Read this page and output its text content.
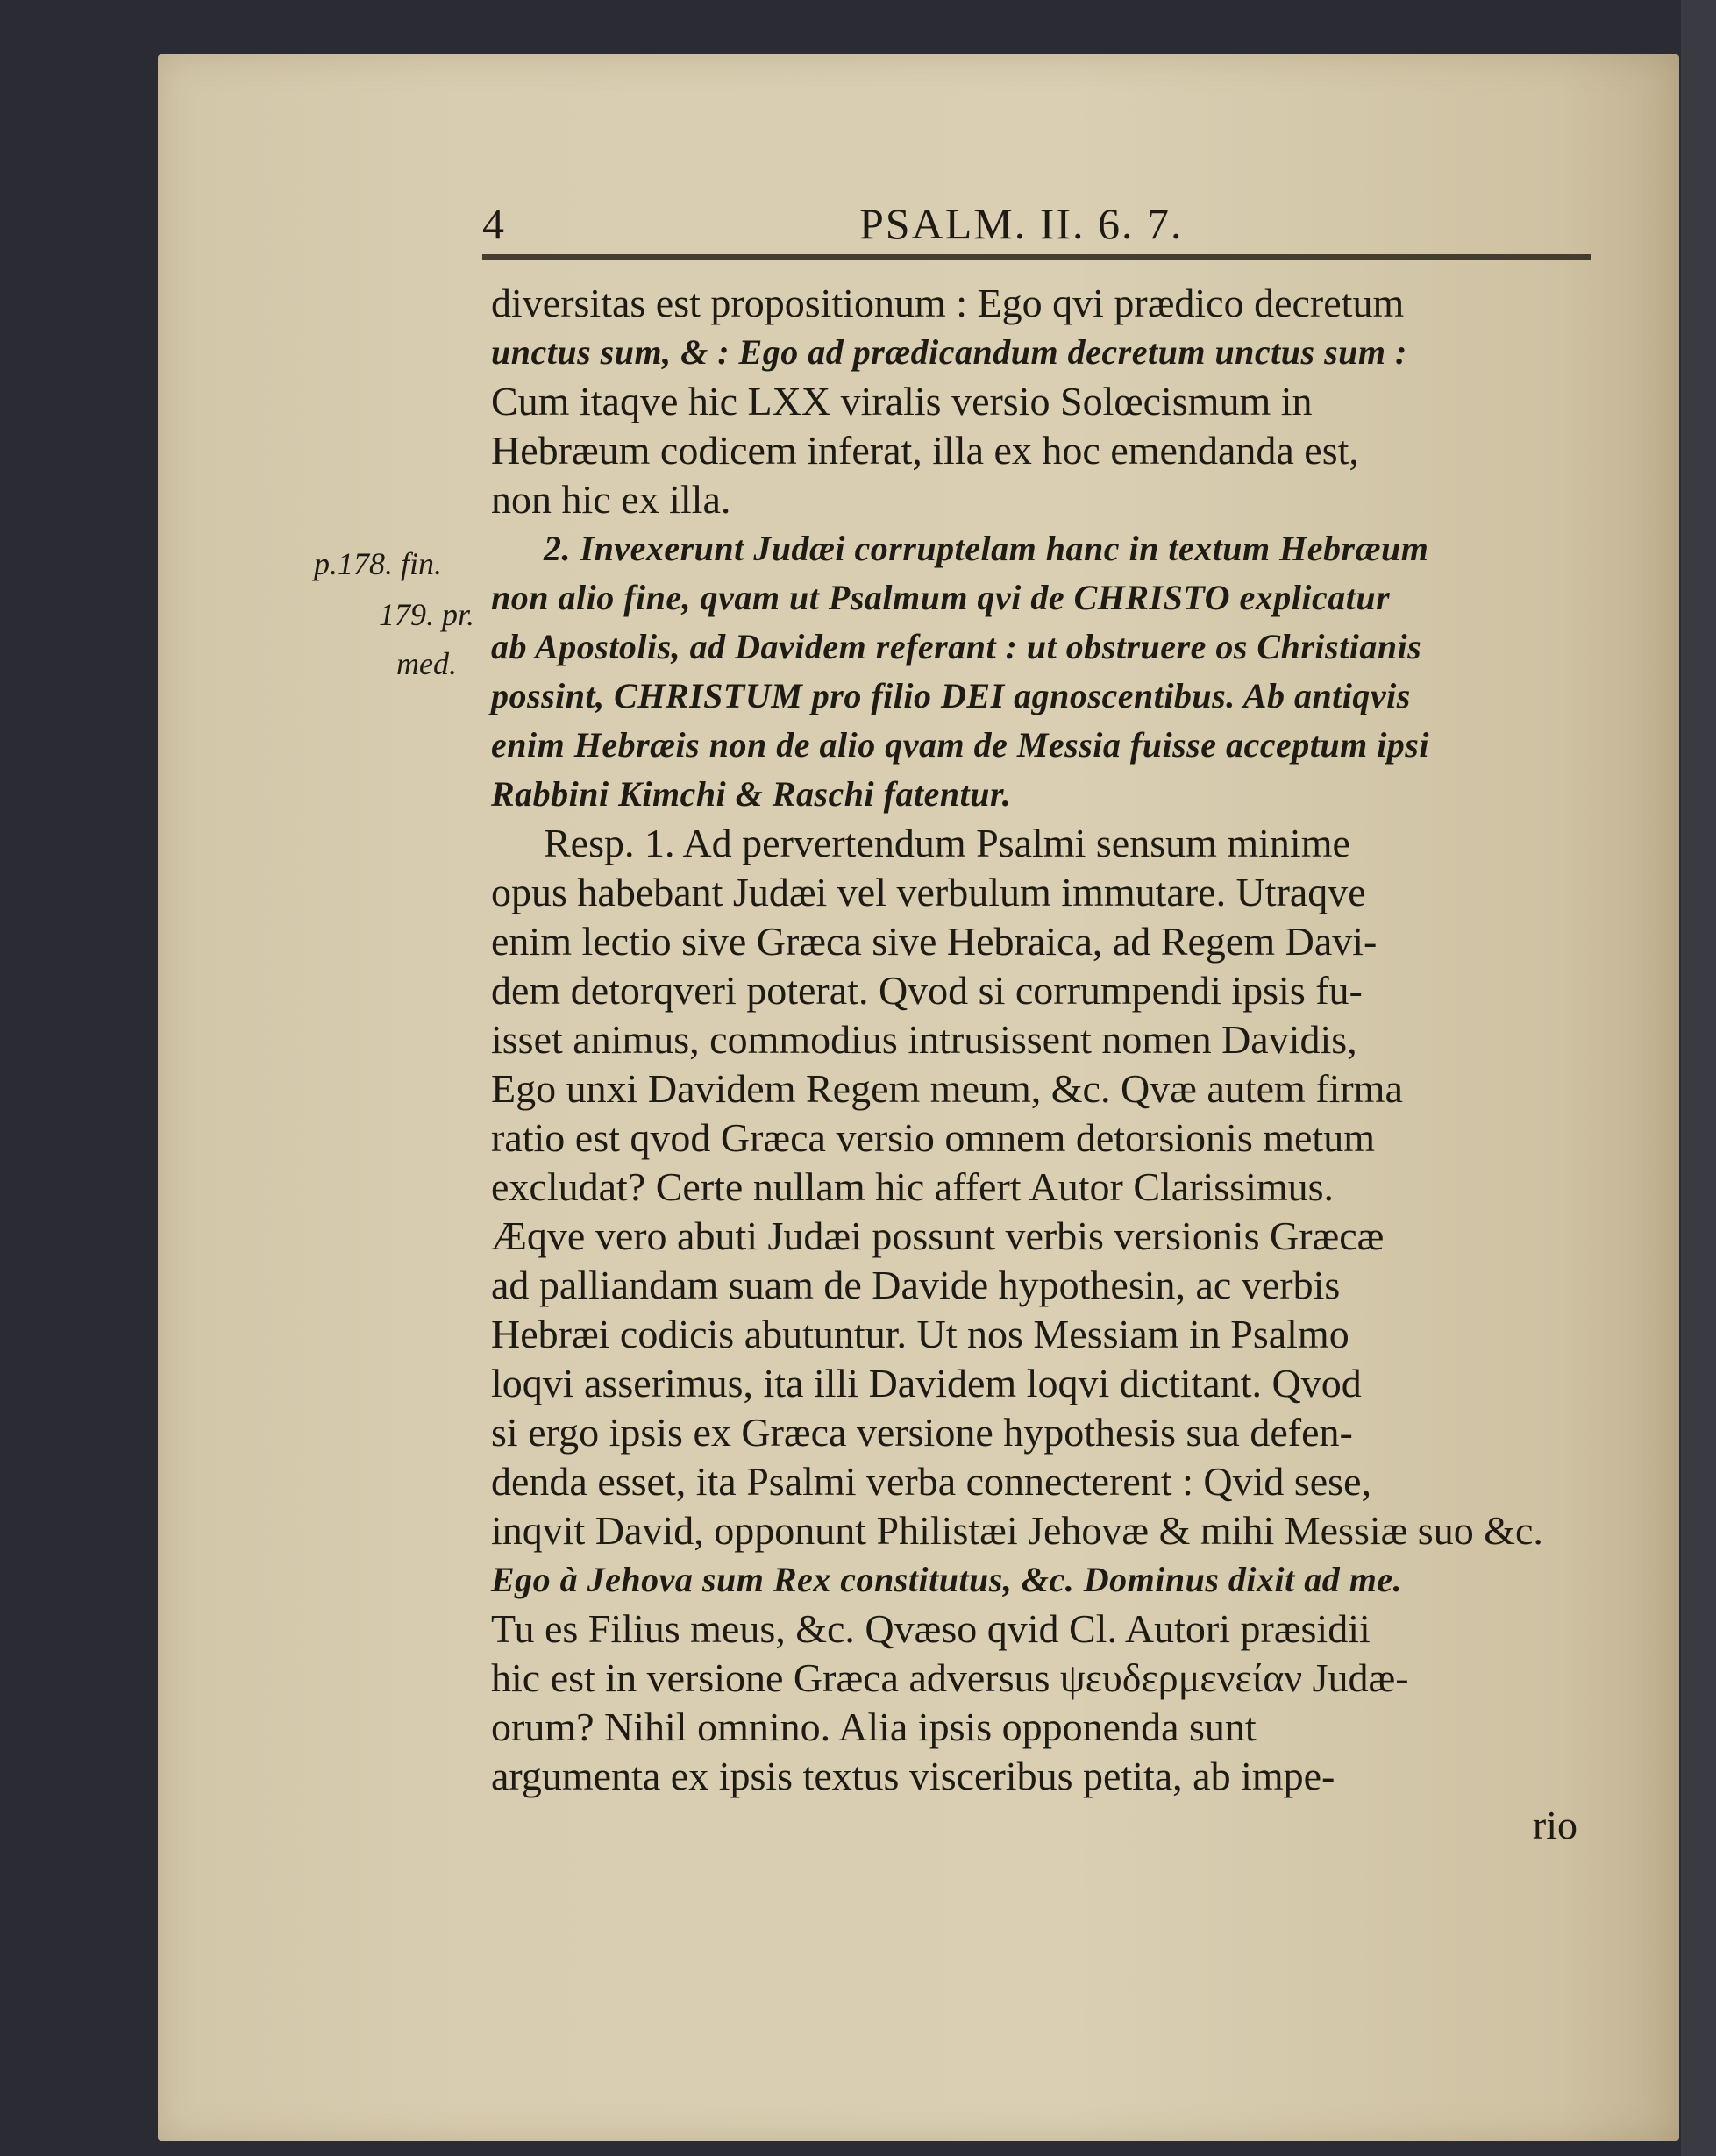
p.178. fin.
179. pr.
med.
4	PSALM. II. 6. 7.
diversitas est propositionum : Ego qvi prædico decretum
unctus sum, & : Ego ad prædicandum decretum unctus sum :
Cum itaqve hic LXX viralis versio Solœcismum in
Hebræum codicem inferat, illa ex hoc emendanda est,
non hic ex illa.
2. Invexerunt Judæi corruptelam hanc in textum Hebræum
non alio fine, qvam ut Psalmum qvi de CHRISTO explicatur
ab Apostolis, ad Davidem referant : ut obstruere os Christianis
possint, CHRISTUM pro filio DEI agnoscentibus. Ab antiqvis
enim Hebræis non de alio qvam de Messia fuisse acceptum ipsi
Rabbini Kimchi & Raschi fatentur.
Resp. 1. Ad pervertendum Psalmi sensum minime
opus habebant Judæi vel verbulum immutare. Utraqve
enim lectio sive Græca sive Hebraica, ad Regem Davi-
dem detorqveri poterat. Qvod si corrumpendi ipsis fu-
isset animus, commodius intrusissent nomen Davidis,
Ego unxi Davidem Regem meum, &c. Qvæ autem firma
ratio est qvod Græca versio omnem detorsionis metum
excludat? Certe nullam hic affert Autor Clarissimus.
Æqve vero abuti Judæi possunt verbis versionis Græcæ
ad palliandam suam de Davide hypothesin, ac verbis
Hebræi codicis abutuntur. Ut nos Messiam in Psalmo
loqvi asserimus, ita illi Davidem loqvi dictitant. Qvod
si ergo ipsis ex Græca versione hypothesis sua defen-
denda esset, ita Psalmi verba connecterent : Qvid sese,
inqvit David, opponunt Philistæi Jehovæ & mihi Messiæ suo &c.
Ego à Jehova sum Rex constitutus, &c. Dominus dixit ad me.
Tu es Filius meus, &c. Qvæso qvid Cl. Autori præsidii
hic est in versione Græca adversus ψευδερμενείαν Judæ-
orum? Nihil omnino. Alia ipsis opponenda sunt
argumenta ex ipsis textus visceribus petita, ab impe-
rio
